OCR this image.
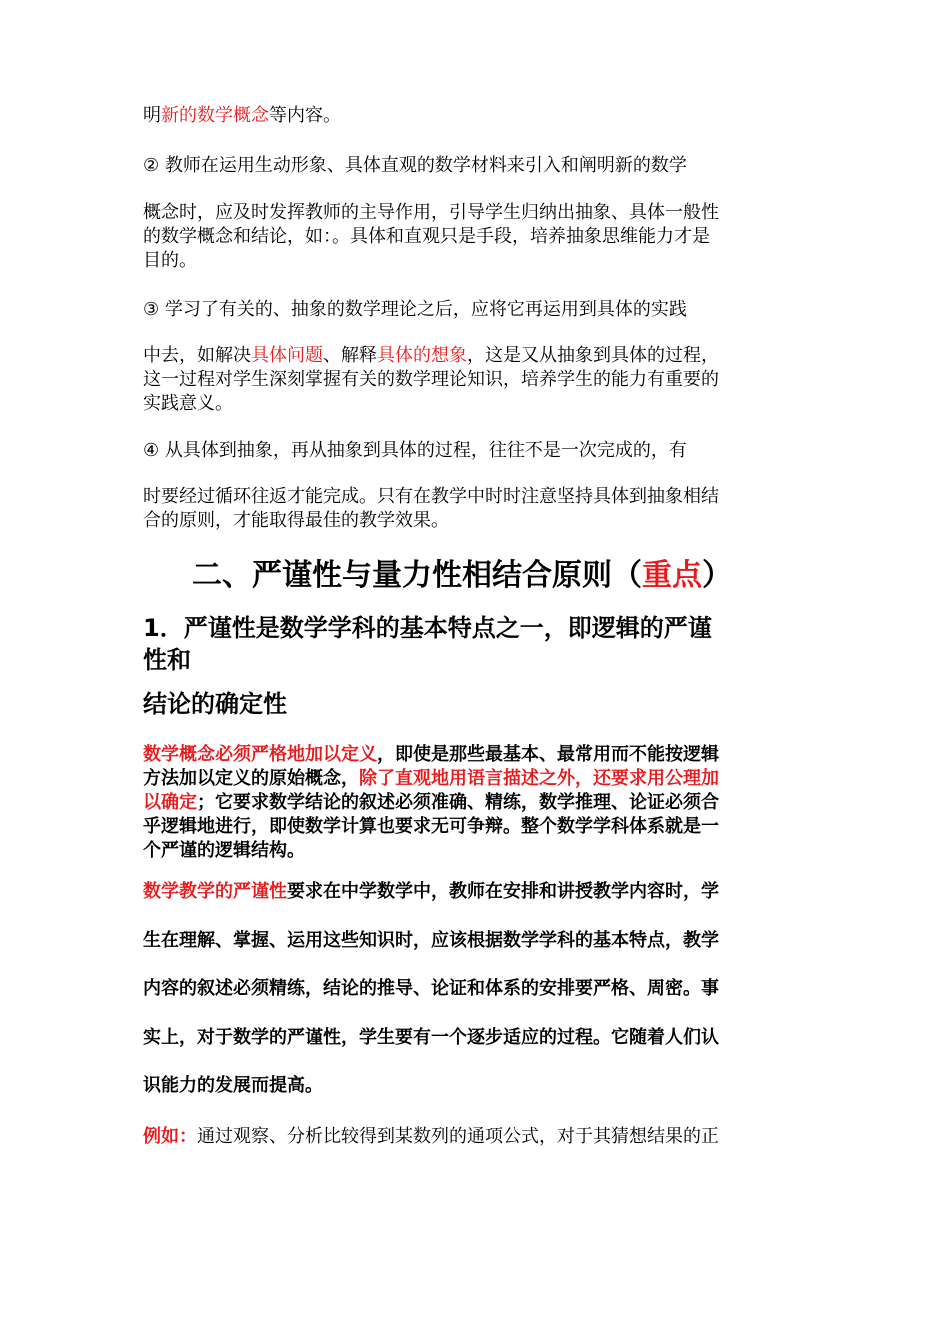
明新的数学概念等内容。
② 教师在运用生动形象、具体直观的数学材料来引入和阐明新的数学
概念时，应及时发挥教师的主导作用，引导学生归纳出抽象、具体一般性
的数学概念和结论，如：。具体和直观只是手段，培养抽象思维能力才是
目的。
③ 学习了有关的、抽象的数学理论之后，应将它再运用到具体的实践
中去，如解决具体问题、解释具体的想象，这是又从抽象到具体的过程，
这一过程对学生深刻掌握有关的数学理论知识，培养学生的能力有重要的
实践意义。
④ 从具体到抽象，再从抽象到具体的过程，往往不是一次完成的，有
时要经过循环往返才能完成。只有在教学中时时注意坚持具体到抽象相结
合的原则，才能取得最佳的教学效果。
二、严谨性与量力性相结合原则（重点）
1．严谨性是数学学科的基本特点之一，即逻辑的严谨
性和
结论的确定性
数学概念必须严格地加以定义，即使是那些最基本、最常用而不能按逻辑
方法加以定义的原始概念，除了直观地用语言描述之外，还要求用公理加
以确定；它要求数学结论的叙述必须准确、精练，数学推理、论证必须合
乎逻辑地进行，即使数学计算也要求无可争辩。整个数学学科体系就是一
个严谨的逻辑结构。
数学教学的严谨性要求在中学数学中，教师在安排和讲授教学内容时，学
生在理解、掌握、运用这些知识时，应该根据数学学科的基本特点，教学
内容的叙述必须精练，结论的推导、论证和体系的安排要严格、周密。事
实上，对于数学的严谨性，学生要有一个逐步适应的过程。它随着人们认
识能力的发展而提高。
例如：通过观察、分析比较得到某数列的通项公式，对于其猜想结果的正
